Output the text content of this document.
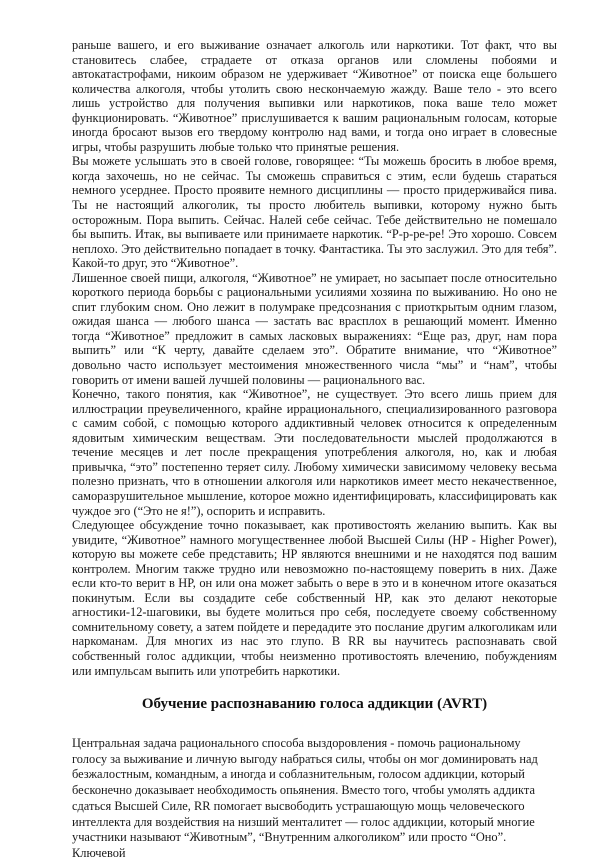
раньше вашего, и его выживание означает алкоголь или наркотики. Тот факт, что вы становитесь слабее, страдаете от отказа органов или сломлены побоями и автокатастрофами, никоим образом не удерживает “Животное” от поиска еще большего количества алкоголя, чтобы утолить свою нескончаемую жажду. Ваше тело - это всего лишь устройство для получения выпивки или наркотиков, пока ваше тело может функционировать. “Животное” прислушивается к вашим рациональным голосам, которые иногда бросают вызов его твердому контролю над вами, и тогда оно играет в словесные игры, чтобы разрушить любые только что принятые решения.

Вы можете услышать это в своей голове, говорящее: “Ты можешь бросить в любое время, когда захочешь, но не сейчас. Ты сможешь справиться с этим, если будешь стараться немного усерднее. Просто проявите немного дисциплины — просто придерживайся пива. Ты не настоящий алкоголик, ты просто любитель выпивки, которому нужно быть осторожным. Пора выпить. Сейчас. Налей себе сейчас. Тебе действительно не помешало бы выпить. Итак, вы выпиваете или принимаете наркотик. “Р-р-ре-ре! Это хорошо. Совсем неплохо. Это действительно попадает в точку. Фантастика. Ты это заслужил. Это для тебя”. Какой-то друг, это “Животное”.

Лишенное своей пищи, алкоголя, “Животное” не умирает, но засыпает после относительно короткого периода борьбы с рациональными усилиями хозяина по выживанию. Но оно не спит глубоким сном. Оно лежит в полумраке предсознания с приоткрытым одним глазом, ожидая шанса — любого шанса — застать вас врасплох в решающий момент. Именно тогда “Животное” предложит в самых ласковых выражениях: “Еще раз, друг, нам пора выпить” или “К черту, давайте сделаем это”. Обратите внимание, что “Животное” довольно часто использует местоимения множественного числа “мы” и “нам”, чтобы говорить от имени вашей лучшей половины — рационального вас.

Конечно, такого понятия, как “Животное”, не существует. Это всего лишь прием для иллюстрации преувеличенного, крайне иррационального, специализированного разговора с самим собой, с помощью которого аддиктивный человек относится к определенным ядовитым химическим веществам. Эти последовательности мыслей продолжаются в течение месяцев и лет после прекращения употребления алкоголя, но, как и любая привычка, “это” постепенно теряет силу. Любому химически зависимому человеку весьма полезно признать, что в отношении алкоголя или наркотиков имеет место некачественное, саморазрушительное мышление, которое можно идентифицировать, классифицировать как чуждое эго (“Это не я!”), оспорить и исправить.

Следующее обсуждение точно показывает, как противостоять желанию выпить. Как вы увидите, “Животное” намного могущественнее любой Высшей Силы (HP - Higher Power), которую вы можете себе представить; HP являются внешними и не находятся под вашим контролем. Многим также трудно или невозможно по-настоящему поверить в них. Даже если кто-то верит в HP, он или она может забыть о вере в это и в конечном итоге оказаться покинутым. Если вы создадите себе собственный HP, как это делают некоторые агностики-12-шаговики, вы будете молиться про себя, последуете своему собственному сомнительному совету, а затем пойдете и передадите это послание другим алкоголикам или наркоманам. Для многих из нас это глупо. В RR вы научитесь распознавать свой собственный голос аддикции, чтобы неизменно противостоять влечению, побуждениям или импульсам выпить или употребить наркотики.

Обучение распознаванию голоса аддикции (AVRT)

Центральная задача рационального способа выздоровления - помочь рациональному голосу за выживание и личную выгоду набраться силы, чтобы он мог доминировать над безжалостным, командным, а иногда и соблазнительным, голосом аддикции, который бесконечно доказывает необходимость опьянения. Вместо того, чтобы умолять аддикта сдаться Высшей Силе, RR помогает высвободить устрашающую мощь человеческого интеллекта для воздействия на низший менталитет — голос аддикции, который многие участники называют “Животным”, “Внутренним алкоголиком” или просто “Оно”. Ключевой
